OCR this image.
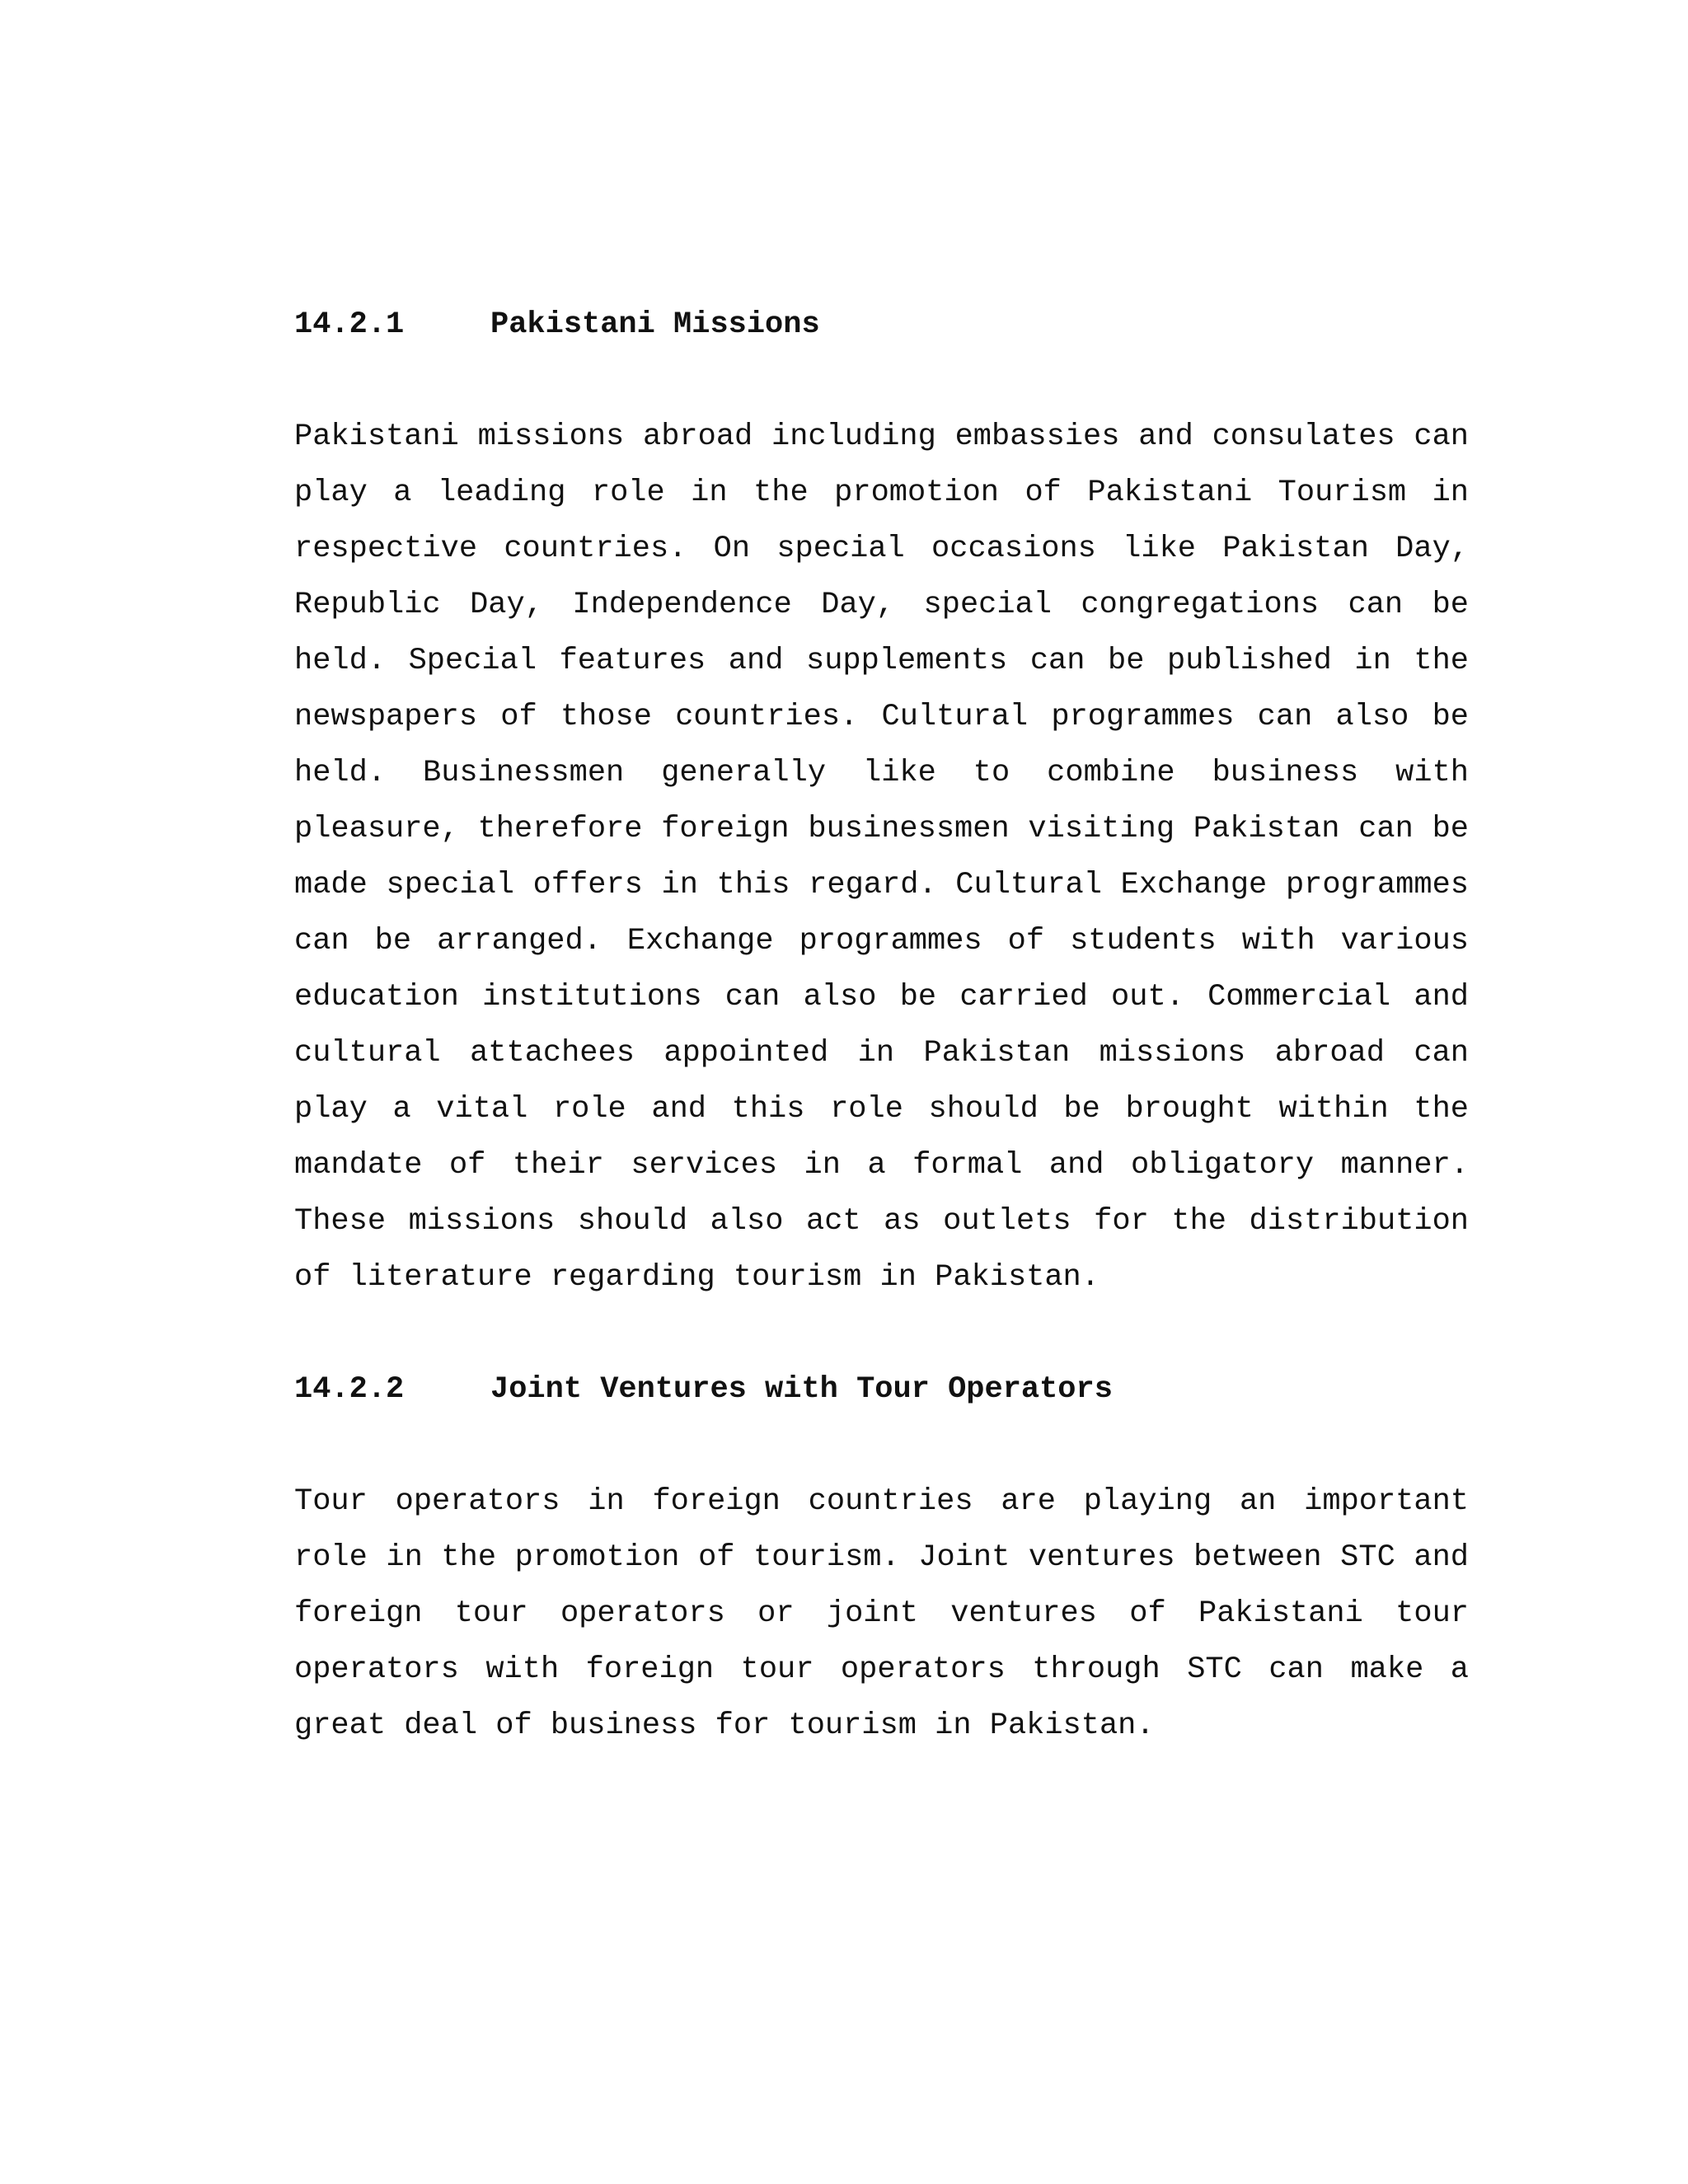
14.2.1	Pakistani Missions

Pakistani missions abroad including embassies and consulates can play a leading role in the promotion of Pakistani Tourism in respective countries. On special occasions like Pakistan Day, Republic Day, Independence Day, special congregations can be held. Special features and supplements can be published in the newspapers of those countries. Cultural programmes can also be held. Businessmen generally like to combine business with pleasure, therefore foreign businessmen visiting Pakistan can be made special offers in this regard. Cultural Exchange programmes can be arranged. Exchange programmes of students with various education institutions can also be carried out. Commercial and cultural attachees appointed in Pakistan missions abroad can play a vital role and this role should be brought within the mandate of their services in a formal and obligatory manner. These missions should also act as outlets for the distribution of literature regarding tourism in Pakistan.

14.2.2	Joint Ventures with Tour Operators

Tour operators in foreign countries are playing an important role in the promotion of tourism. Joint ventures between STC and foreign tour operators or joint ventures of Pakistani tour operators with foreign tour operators through STC can make a great deal of business for tourism in Pakistan.
